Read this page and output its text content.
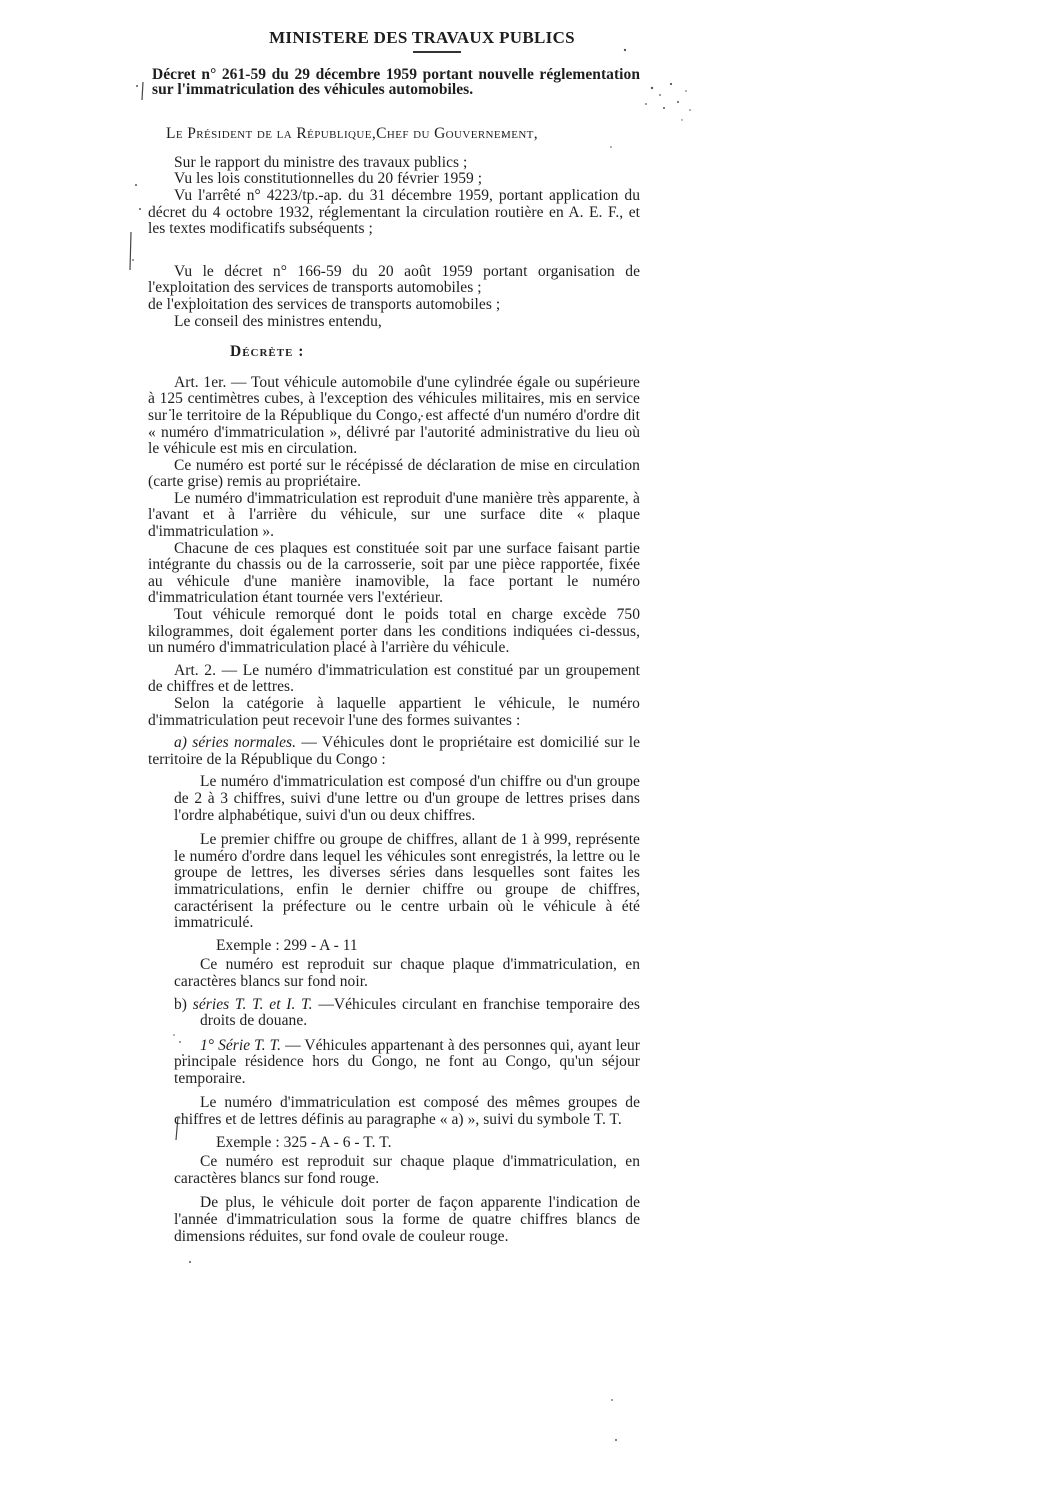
MINISTERE DES TRAVAUX PUBLICS

Décret n° 261-59 du 29 décembre 1959 portant nouvelle réglementation sur l'immatriculation des véhicules automobiles.

Le Président de la République,Chef du Gouvernement,

Sur le rapport du ministre des travaux publics ;

Vu les lois constitutionnelles du 20 février 1959 ;

Vu l'arrêté n° 4223/tp.-ap. du 31 décembre 1959, portant application du décret du 4 octobre 1932, réglementant la circulation routière en A. E. F., et les textes modificatifs subséquents ;

Vu le décret n° 166-59 du 20 août 1959 portant organisation de l'exploitation des services de transports automobiles ;

de l'exploitation des services de transports automobiles ;

Le conseil des ministres entendu,

Décrète :

Art. 1er. — Tout véhicule automobile d'une cylindrée égale ou supérieure à 125 centimètres cubes, à l'exception des véhicules militaires, mis en service sur le territoire de la République du Congo, est affecté d'un numéro d'ordre dit « numéro d'immatriculation », délivré par l'autorité administrative du lieu où le véhicule est mis en circulation.

Ce numéro est porté sur le récépissé de déclaration de mise en circulation (carte grise) remis au propriétaire.

Le numéro d'immatriculation est reproduit d'une manière très apparente, à l'avant et à l'arrière du véhicule, sur une surface dite « plaque d'immatriculation ».

Chacune de ces plaques est constituée soit par une surface faisant partie intégrante du chassis ou de la carrosserie, soit par une pièce rapportée, fixée au véhicule d'une manière inamovible, la face portant le numéro d'immatriculation étant tournée vers l'extérieur.

Tout véhicule remorqué dont le poids total en charge excède 750 kilogrammes, doit également porter dans les conditions indiquées ci-dessus, un numéro d'immatriculation placé à l'arrière du véhicule.

Art. 2. — Le numéro d'immatriculation est constitué par un groupement de chiffres et de lettres.

Selon la catégorie à laquelle appartient le véhicule, le numéro d'immatriculation peut recevoir l'une des formes suivantes :

a) séries normales. — Véhicules dont le propriétaire est domicilié sur le territoire de la République du Congo :

Le numéro d'immatriculation est composé d'un chiffre ou d'un groupe de 2 à 3 chiffres, suivi d'une lettre ou d'un groupe de lettres prises dans l'ordre alphabétique, suivi d'un ou deux chiffres.

Le premier chiffre ou groupe de chiffres, allant de 1 à 999, représente le numéro d'ordre dans lequel les véhicules sont enregistrés, la lettre ou le groupe de lettres, les diverses séries dans lesquelles sont faites les immatriculations, enfin le dernier chiffre ou groupe de chiffres, caractérisent la préfecture ou le centre urbain où le véhicule à été immatriculé.

Exemple : 299 - A - 11

Ce numéro est reproduit sur chaque plaque d'immatriculation, en caractères blancs sur fond noir.

b) séries T. T. et I. T. —Véhicules circulant en franchise temporaire des droits de douane.

1° Série T. T. — Véhicules appartenant à des personnes qui, ayant leur principale résidence hors du Congo, ne font au Congo, qu'un séjour temporaire.

Le numéro d'immatriculation est composé des mêmes groupes de chiffres et de lettres définis au paragraphe « a) », suivi du symbole T. T.

Exemple : 325 - A - 6 - T. T.

Ce numéro est reproduit sur chaque plaque d'immatriculation, en caractères blancs sur fond rouge.

De plus, le véhicule doit porter de façon apparente l'indication de l'année d'immatriculation sous la forme de quatre chiffres blancs de dimensions réduites, sur fond ovale de couleur rouge.
